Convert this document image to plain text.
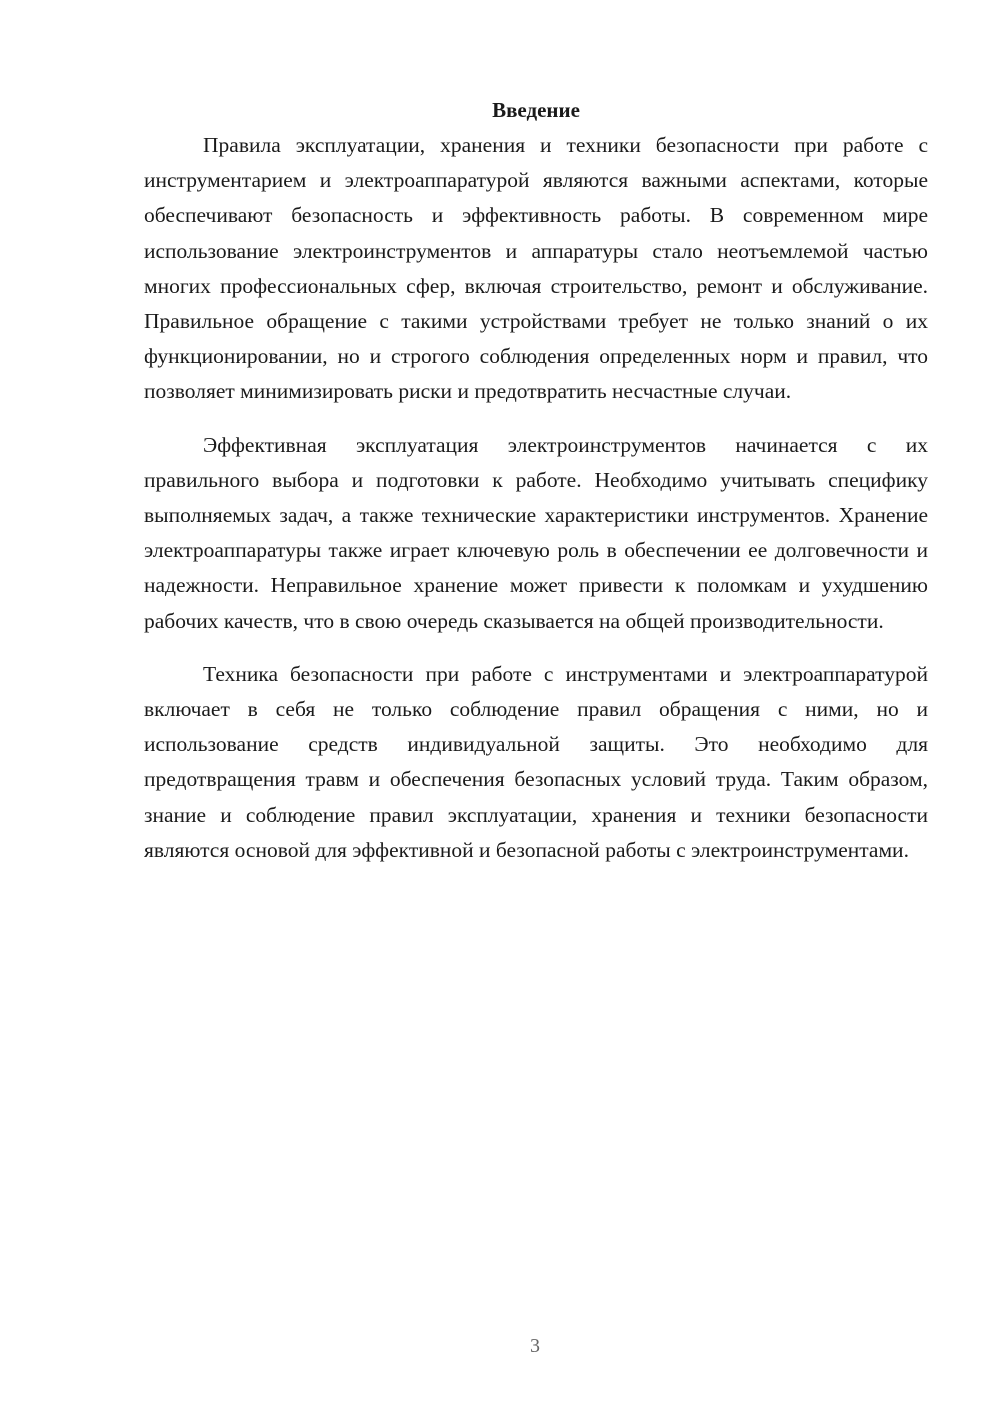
Введение

Правила эксплуатации, хранения и техники безопасности при работе с инструментарием и электроаппаратурой являются важными аспектами, которые обеспечивают безопасность и эффективность работы. В современном мире использование электроинструментов и аппаратуры стало неотъемлемой частью многих профессиональных сфер, включая строительство, ремонт и обслуживание. Правильное обращение с такими устройствами требует не только знаний о их функционировании, но и строгого соблюдения определенных норм и правил, что позволяет минимизировать риски и предотвратить несчастные случаи.

Эффективная эксплуатация электроинструментов начинается с их правильного выбора и подготовки к работе. Необходимо учитывать специфику выполняемых задач, а также технические характеристики инструментов. Хранение электроаппаратуры также играет ключевую роль в обеспечении ее долговечности и надежности. Неправильное хранение может привести к поломкам и ухудшению рабочих качеств, что в свою очередь сказывается на общей производительности.

Техника безопасности при работе с инструментами и электроаппаратурой включает в себя не только соблюдение правил обращения с ними, но и использование средств индивидуальной защиты. Это необходимо для предотвращения травм и обеспечения безопасных условий труда. Таким образом, знание и соблюдение правил эксплуатации, хранения и техники безопасности являются основой для эффективной и безопасной работы с электроинструментами.

3
